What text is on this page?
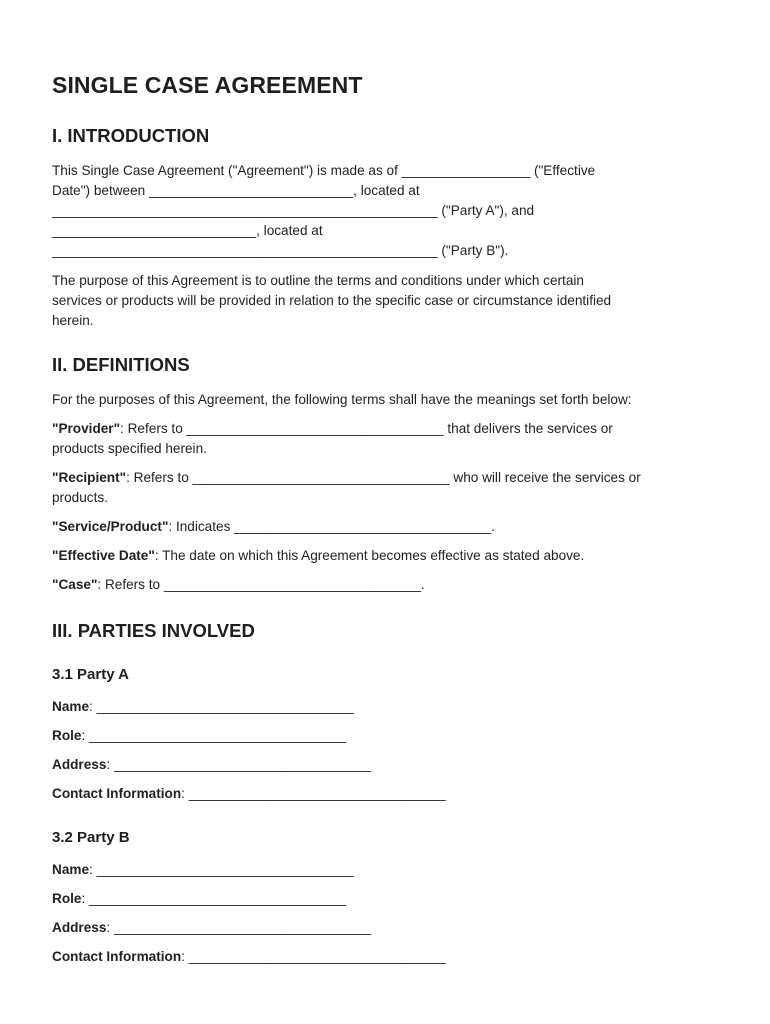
SINGLE CASE AGREEMENT
I. INTRODUCTION

This Single Case Agreement ("Agreement") is made as of _________________ ("Effective
Date") between ___________________________, located at
___________________________________________________ ("Party A"), and
___________________________, located at
___________________________________________________ ("Party B").

The purpose of this Agreement is to outline the terms and conditions under which certain
services or products will be provided in relation to the specific case or circumstance identified
herein.

II. DEFINITIONS

For the purposes of this Agreement, the following terms shall have the meanings set forth below:

"Provider": Refers to __________________________________ that delivers the services or
products specified herein.

"Recipient": Refers to __________________________________ who will receive the services or
products.

"Service/Product": Indicates __________________________________.

"Effective Date": The date on which this Agreement becomes effective as stated above.

"Case": Refers to __________________________________.

III. PARTIES INVOLVED
3.1 Party A

Name: __________________________________

Role: __________________________________

Address: __________________________________

Contact Information: __________________________________

3.2 Party B

Name: __________________________________

Role: __________________________________

Address: __________________________________

Contact Information: __________________________________
